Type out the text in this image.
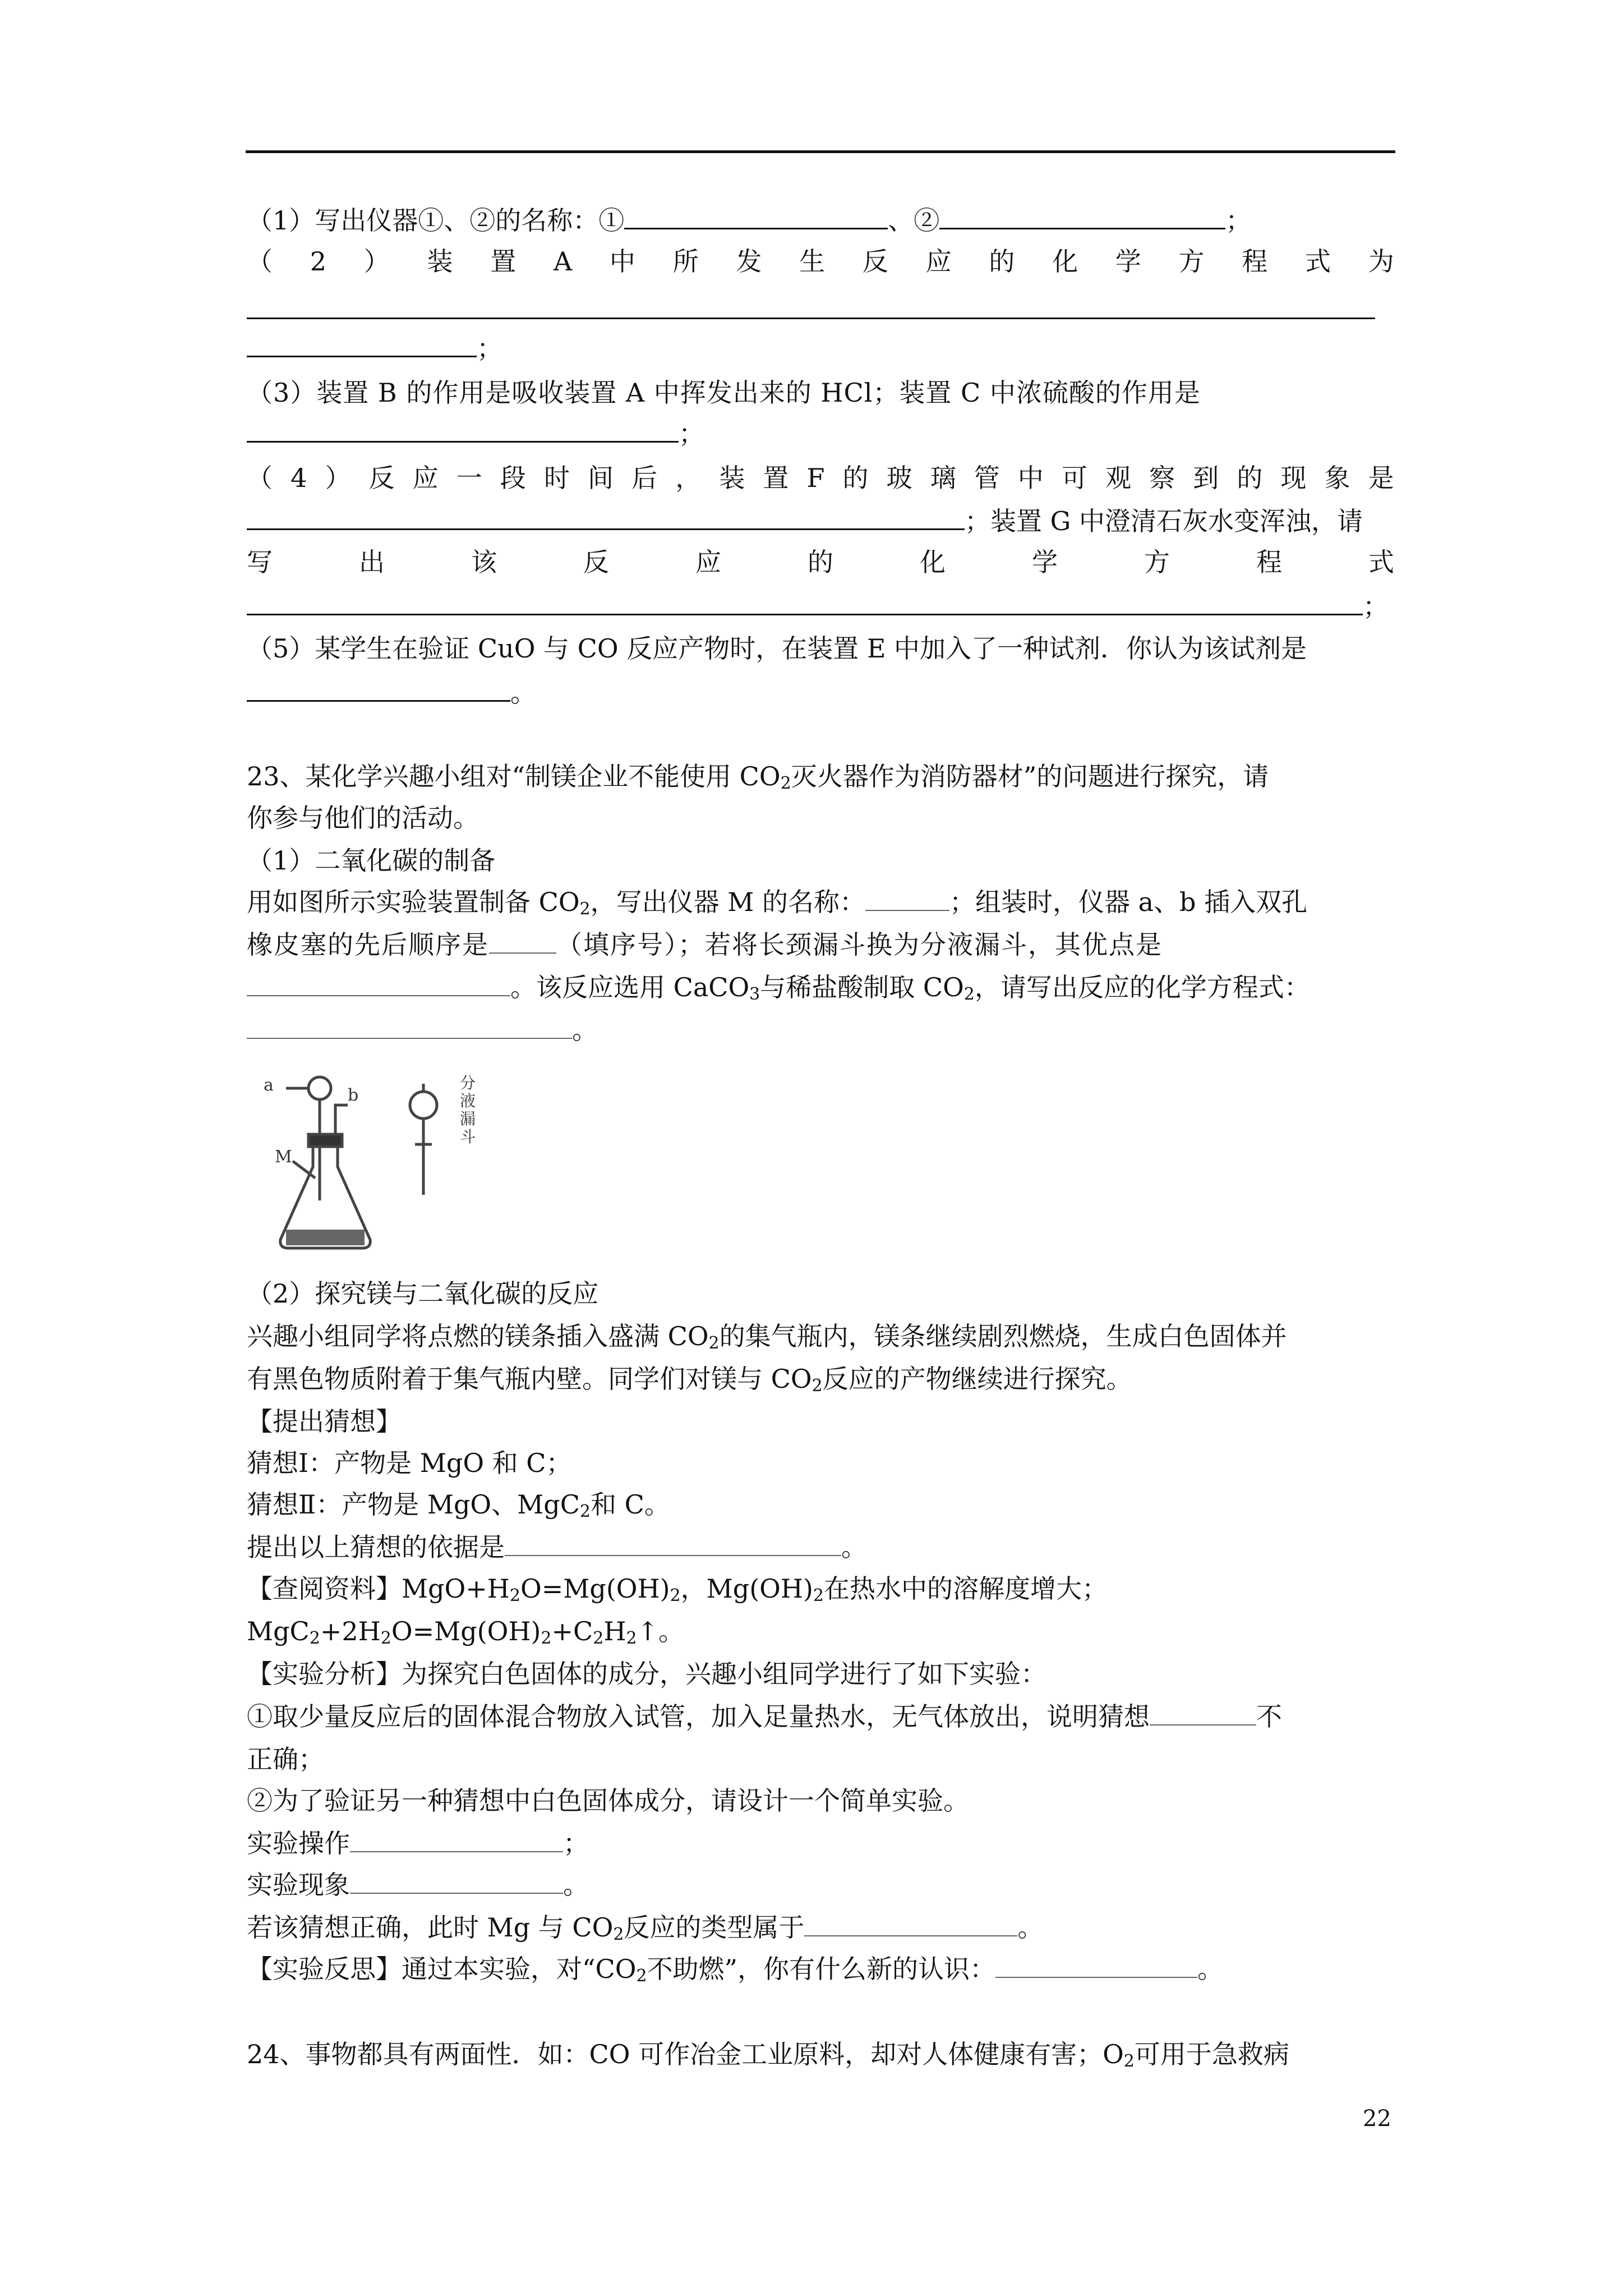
（1）写出仪器①、②的名称：①	、②	；
（ 2 ） 装 置 A 中 所 发 生 反 应 的 化 学 方 程 式 为
；
（3）装置 B 的作用是吸收装置 A 中挥发出来的 HCl；装置 C 中浓硫酸的作用是
；
（ 4 ） 反 应 一 段 时 间 后 ， 装 置 F 的 玻 璃 管 中 可 观 察 到 的 现 象 是
；装置 G 中澄清石灰水变浑浊，请
写	出	该	反	应	的	化	学	方	程	式
；
（5）某学生在验证 CuO 与 CO 反应产物时，在装置 E 中加入了一种试剂．你认为该试剂是
。
23、某化学兴趣小组对“制镁企业不能使用 $CO_2$灭火器作为消防器材”的问题进行探究，请
你参与他们的活动。
（1）二氧化碳的制备
用如图所示实验装置制备 $CO_2$，写出仪器 M 的名称：	；组装时，仪器 a、b 插入双孔
橡皮塞的先后顺序是	（填序号）；若将长颈漏斗换为分液漏斗，其优点是
。该反应选用 CaCO$_3$与稀盐酸制取 $CO_2$，请写出反应的化学方程式：
。
a
b
M
分液漏斗
（2）探究镁与二氧化碳的反应
兴趣小组同学将点燃的镁条插入盛满 $CO_2$的集气瓶内，镁条继续剧烈燃烧，生成白色固体并
有黑色物质附着于集气瓶内壁。同学们对镁与 $CO_2$反应的产物继续进行探究。
【提出猜想】
猜想Ⅰ：产物是 MgO 和 C；
猜想Ⅱ：产物是 MgO、MgC$_2$和 C。
提出以上猜想的依据是	。
【查阅资料】$MgO+H_2O=Mg(OH)_2$，$Mg(OH)_2$在热水中的溶解度增大；
$MgC_2+2H_2O=Mg(OH)_2+C_2H_2↑$。
【实验分析】为探究白色固体的成分，兴趣小组同学进行了如下实验：
①取少量反应后的固体混合物放入试管，加入足量热水，无气体放出，说明猜想	不
正确；
②为了验证另一种猜想中白色固体成分，请设计一个简单实验。
实验操作	；
实验现象	。
若该猜想正确，此时 Mg 与 $CO_2$反应的类型属于	。
【实验反思】通过本实验，对“$CO_2$不助燃”，你有什么新的认识：	。
24、事物都具有两面性．如：CO 可作冶金工业原料，却对人体健康有害；$O_2$可用于急救病
22
